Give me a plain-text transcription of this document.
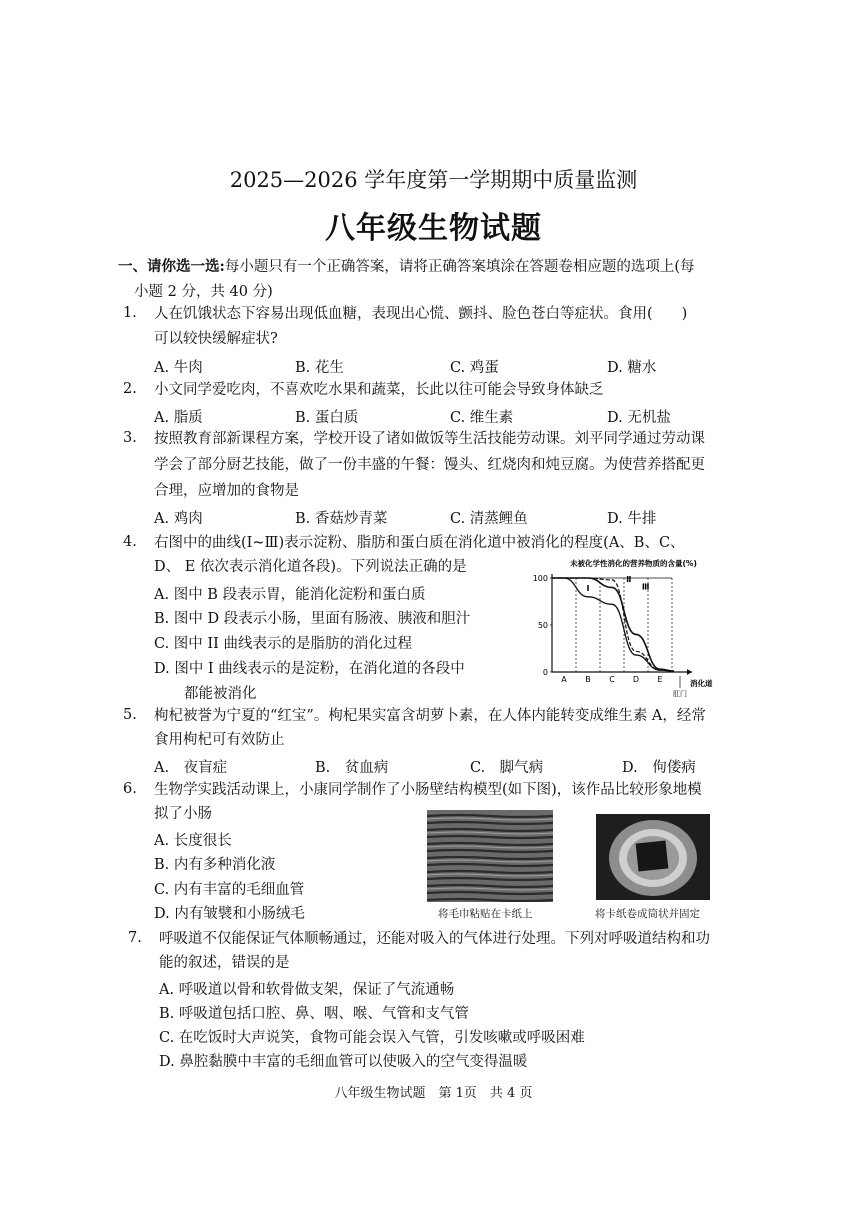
2025—2026 学年度第一学期期中质量监测
八年级生物试题
一、请你选一选:每小题只有一个正确答案，请将正确答案填涂在答题卷相应题的选项上(每
小题 2 分，共 40 分)
1. 人在饥饿状态下容易出现低血糖，表现出心慌、颤抖、脸色苍白等症状。食用(　　)
可以较快缓解症状?
A. 牛肉	B. 花生	C. 鸡蛋	D. 糖水
2. 小文同学爱吃肉，不喜欢吃水果和蔬菜，长此以往可能会导致身体缺乏
A. 脂质	B. 蛋白质	C. 维生素	D. 无机盐
3. 按照教育部新课程方案，学校开设了诸如做饭等生活技能劳动课。刘平同学通过劳动课
学会了部分厨艺技能，做了一份丰盛的午餐：馒头、红烧肉和炖豆腐。为使营养搭配更
合理，应增加的食物是
A. 鸡肉	B. 香菇炒青菜	C. 清蒸鲤鱼	D. 牛排
4. 右图中的曲线(Ⅰ~Ⅲ)表示淀粉、脂肪和蛋白质在消化道中被消化的程度(A、B、C、
D、 E 依次表示消化道各段)。下列说法正确的是
A. 图中 B 段表示胃，能消化淀粉和蛋白质
B. 图中 D 段表示小肠，里面有肠液、胰液和胆汁
C. 图中 II 曲线表示的是脂肪的消化过程
D. 图中 I 曲线表示的是淀粉，在消化道的各段中
都能被消化
未被化学性消化的营养物质的含量(%)
0
50
100
A B C D E
肛门
消化道
Ⅰ
Ⅱ
Ⅲ
5. 枸杞被誉为宁夏的“红宝”。枸杞果实富含胡萝卜素，在人体内能转变成维生素 A，经常
食用枸杞可有效防止
A.　夜盲症	B.　贫血病	C.　脚气病	D.　佝偻病
6. 生物学实践活动课上，小康同学制作了小肠壁结构模型(如下图)，该作品比较形象地模
拟了小肠
A. 长度很长
B. 内有多种消化液
C. 内有丰富的毛细血管
D. 内有皱襞和小肠绒毛	将毛巾粘贴在卡纸上	将卡纸卷成筒状并固定
7. 呼吸道不仅能保证气体顺畅通过，还能对吸入的气体进行处理。下列对呼吸道结构和功
能的叙述，错误的是
A. 呼吸道以骨和软骨做支架，保证了气流通畅
B. 呼吸道包括口腔、鼻、咽、喉、气管和支气管
C. 在吃饭时大声说笑，食物可能会误入气管，引发咳嗽或呼吸困难
D. 鼻腔黏膜中丰富的毛细血管可以使吸入的空气变得温暖
八年级生物试题　第 1页　共 4 页
